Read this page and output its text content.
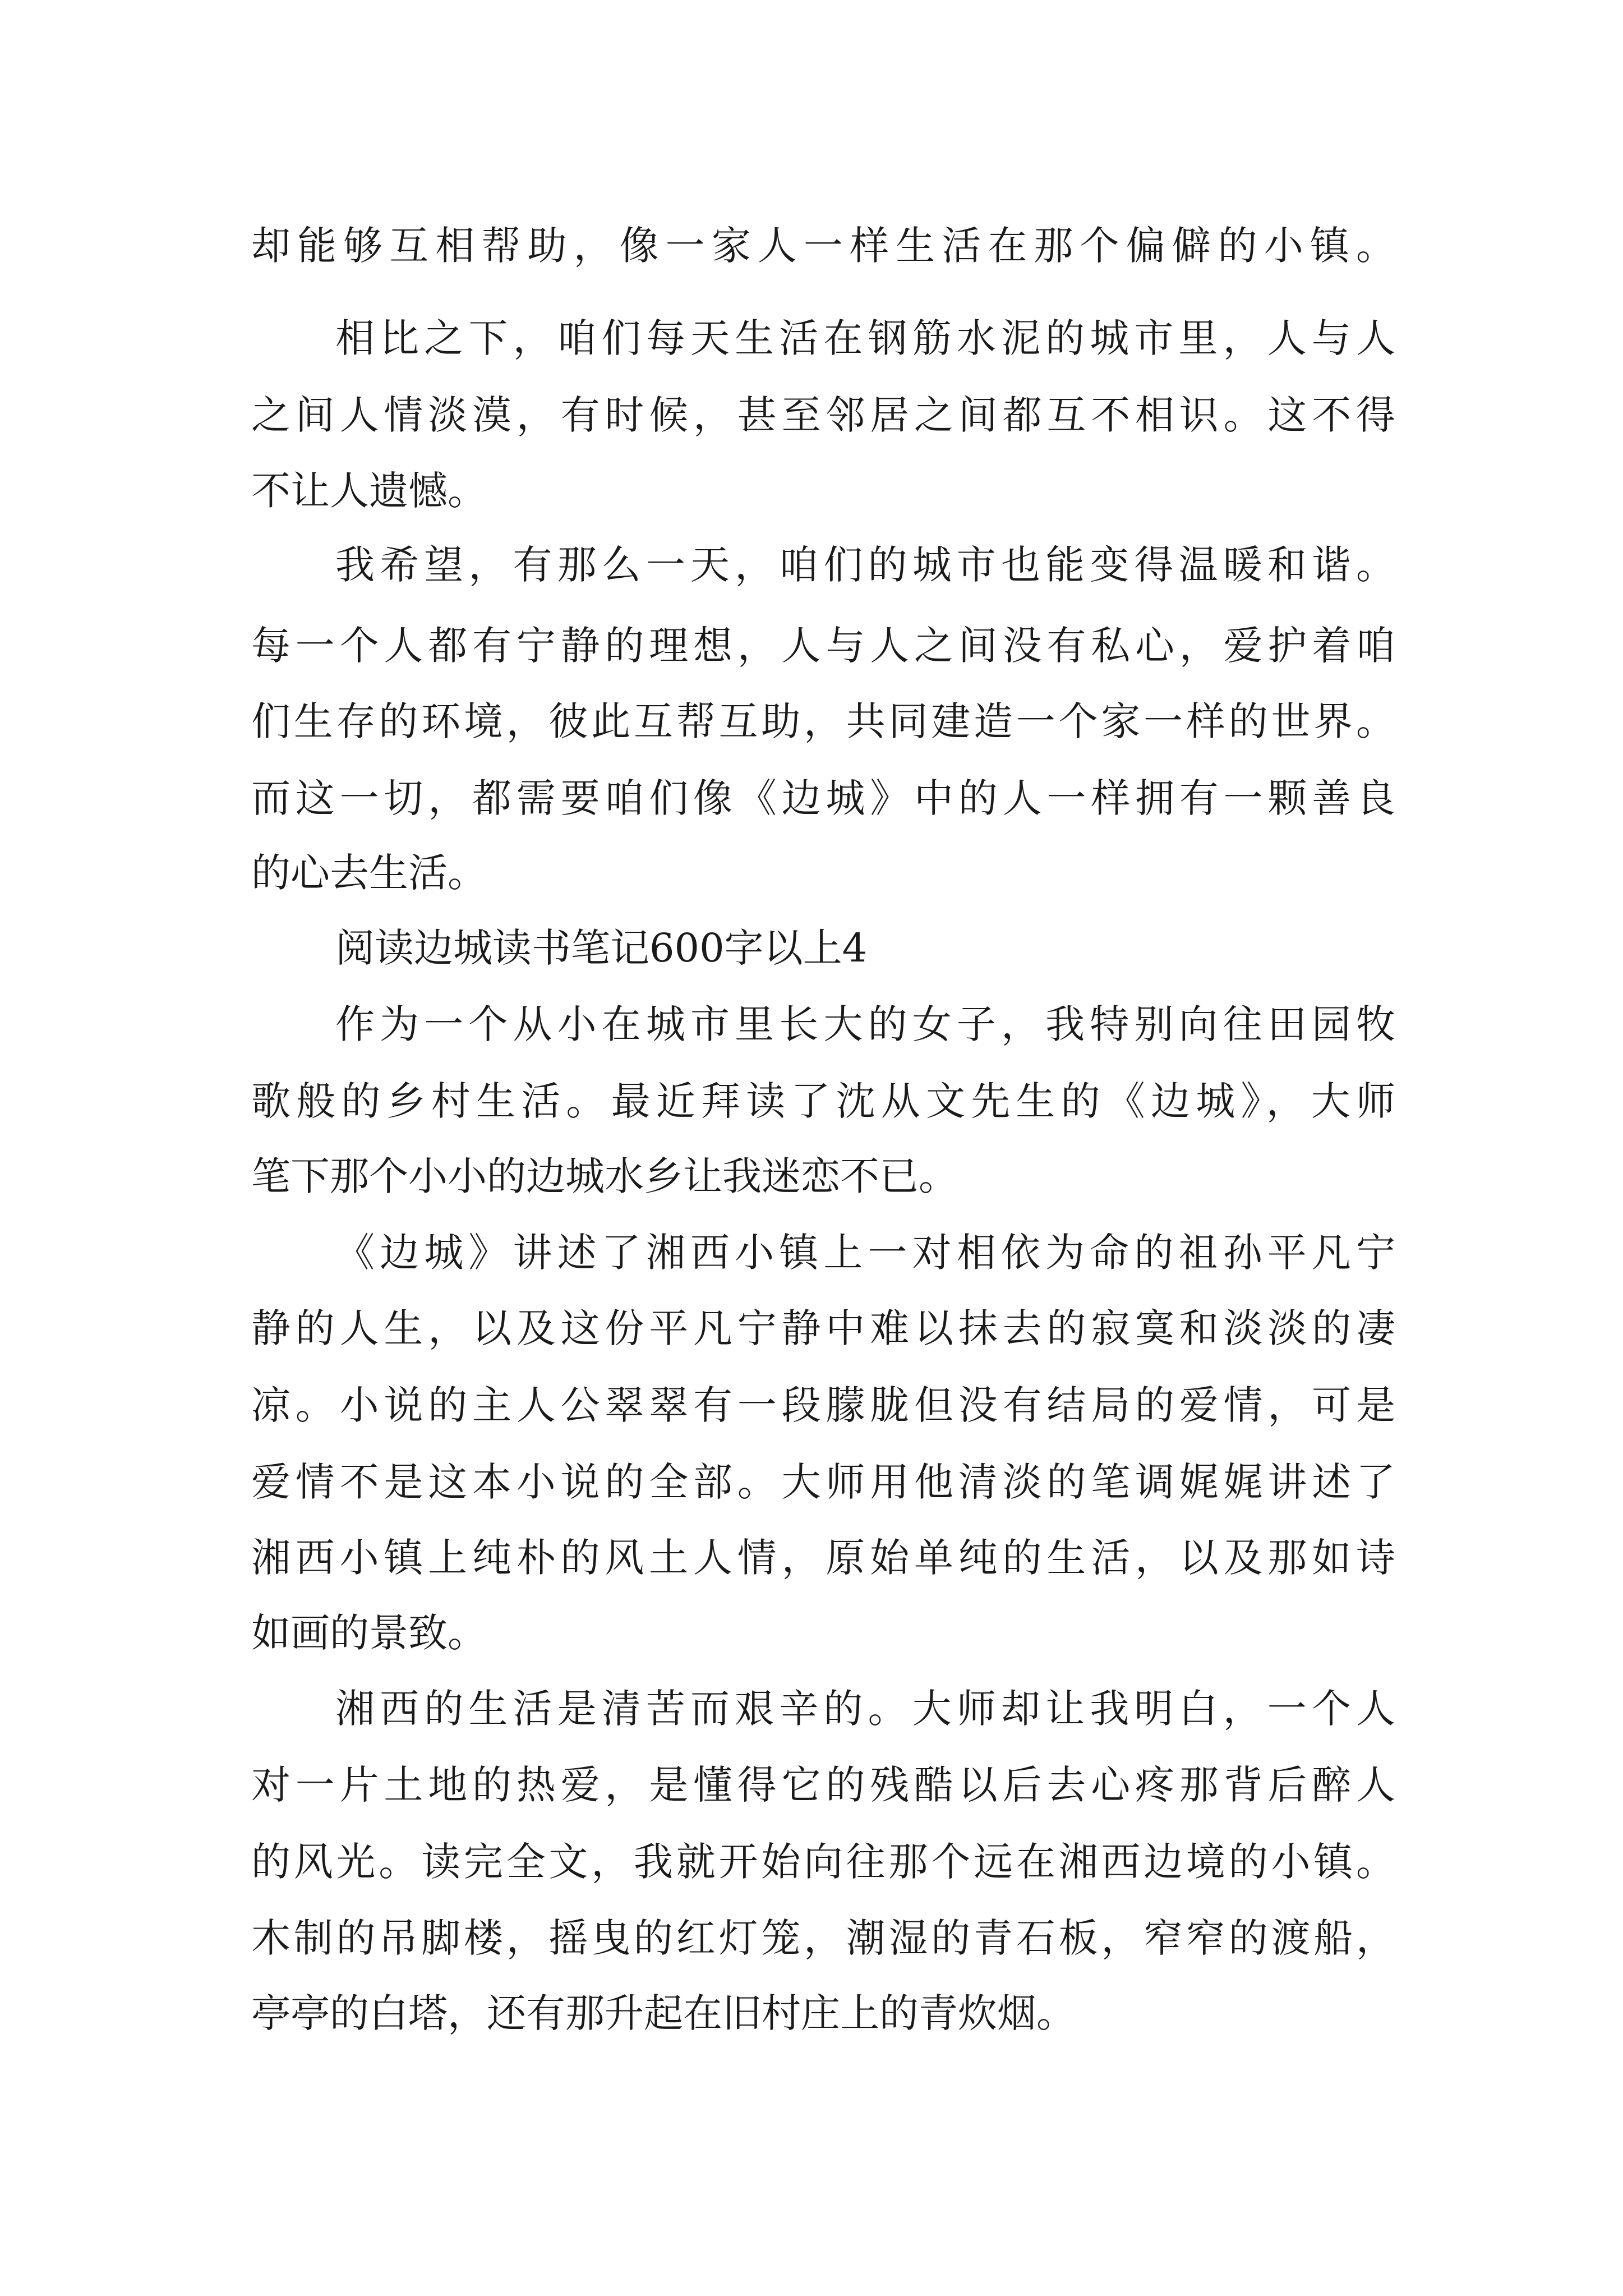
却能够互相帮助，像一家人一样生活在那个偏僻的小镇。
相比之下，咱们每天生活在钢筋水泥的城市里，人与人
之间人情淡漠，有时候，甚至邻居之间都互不相识。这不得
不让人遗憾。
我希望，有那么一天，咱们的城市也能变得温暖和谐。
每一个人都有宁静的理想，人与人之间没有私心，爱护着咱
们生存的环境，彼此互帮互助，共同建造一个家一样的世界。
而这一切，都需要咱们像《边城》中的人一样拥有一颗善良
的心去生活。
阅读边城读书笔记600字以上4
作为一个从小在城市里长大的女子，我特别向往田园牧
歌般的乡村生活。最近拜读了沈从文先生的《边城》，大师
笔下那个小小的边城水乡让我迷恋不已。
《边城》讲述了湘西小镇上一对相依为命的祖孙平凡宁
静的人生，以及这份平凡宁静中难以抹去的寂寞和淡淡的凄
凉。小说的主人公翠翠有一段朦胧但没有结局的爱情，可是
爱情不是这本小说的全部。大师用他清淡的笔调娓娓讲述了
湘西小镇上纯朴的风土人情，原始单纯的生活，以及那如诗
如画的景致。
湘西的生活是清苦而艰辛的。大师却让我明白，一个人
对一片土地的热爱，是懂得它的残酷以后去心疼那背后醉人
的风光。读完全文，我就开始向往那个远在湘西边境的小镇。
木制的吊脚楼，摇曳的红灯笼，潮湿的青石板，窄窄的渡船，
亭亭的白塔，还有那升起在旧村庄上的青炊烟。
